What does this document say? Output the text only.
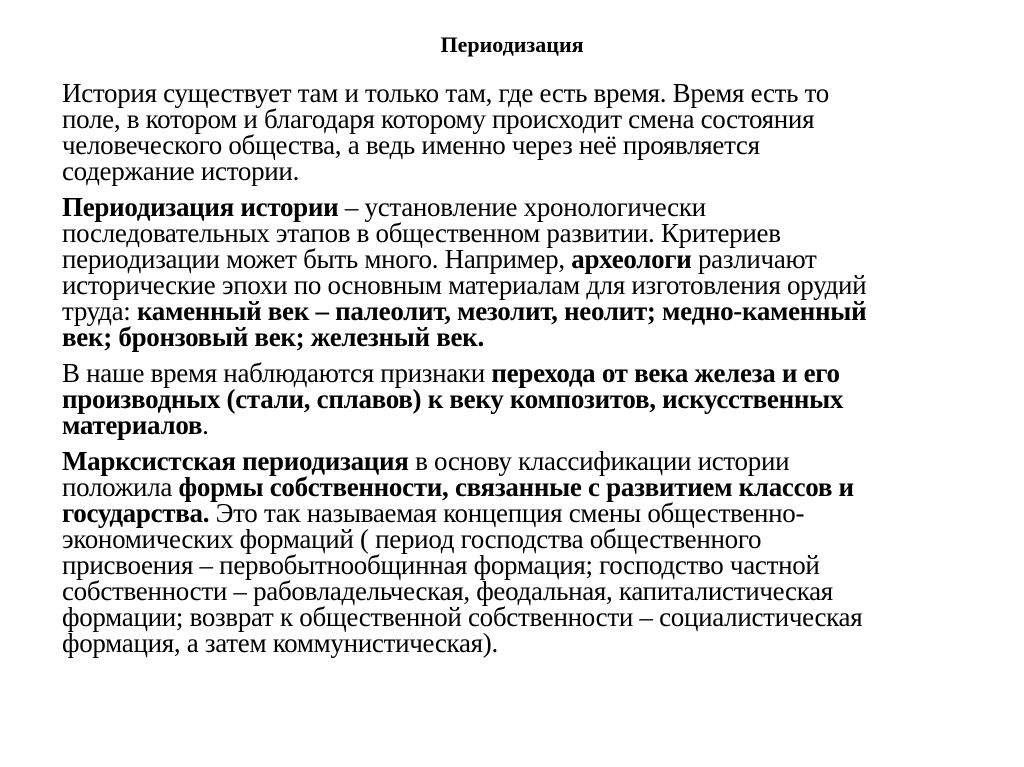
Периодизация
История существует там и только там, где есть время. Время есть то
поле, в котором и благодаря которому происходит смена состояния
человеческого общества, а ведь именно через неё проявляется
содержание истории.
Периодизация истории – установление хронологически
последовательных этапов в общественном развитии. Критериев
периодизации может быть много. Например, археологи различают
исторические эпохи по основным материалам для изготовления орудий
труда: каменный век – палеолит, мезолит, неолит; медно-каменный
век; бронзовый век; железный век.
В наше время наблюдаются признаки перехода от века железа и его
производных (стали, сплавов) к веку композитов, искусственных
материалов.
Марксистская периодизация в основу классификации истории
положила формы собственности, связанные с развитием классов и
государства. Это так называемая концепция смены общественно-
экономических формаций ( период господства общественного
присвоения – первобытнообщинная формация; господство частной
собственности – рабовладельческая, феодальная, капиталистическая
формации; возврат к общественной собственности – социалистическая
формация, а затем коммунистическая).
